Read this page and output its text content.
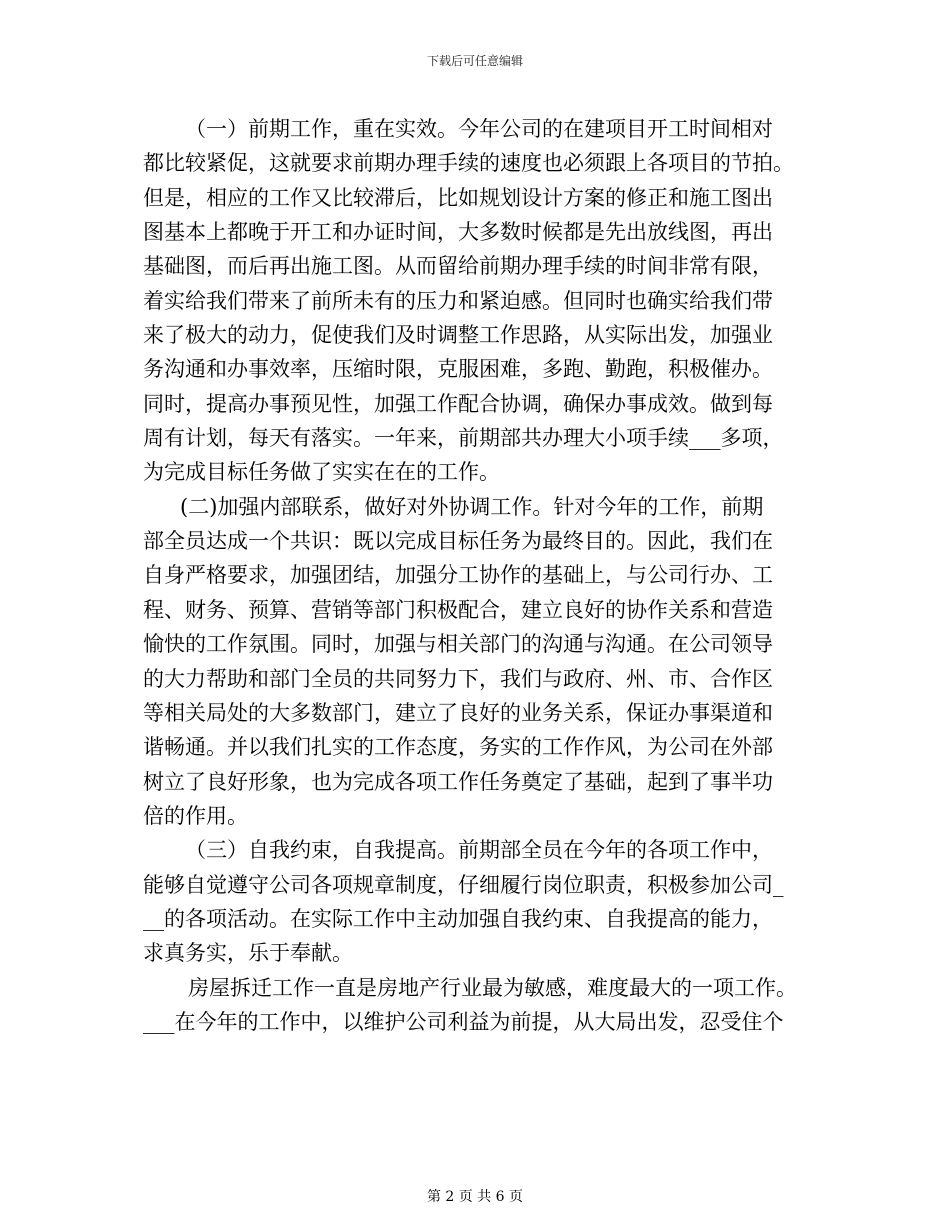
下载后可任意编辑
（一）前期工作，重在实效。今年公司的在建项目开工时间相对
都比较紧促，这就要求前期办理手续的速度也必须跟上各项目的节拍。
但是，相应的工作又比较滞后，比如规划设计方案的修正和施工图出
图基本上都晚于开工和办证时间，大多数时候都是先出放线图，再出
基础图，而后再出施工图。从而留给前期办理手续的时间非常有限，
着实给我们带来了前所未有的压力和紧迫感。但同时也确实给我们带
来了极大的动力，促使我们及时调整工作思路，从实际出发，加强业
务沟通和办事效率，压缩时限，克服困难，多跑、勤跑，积极催办。
同时，提高办事预见性，加强工作配合协调，确保办事成效。做到每
周有计划，每天有落实。一年来，前期部共办理大小项手续___多项，
为完成目标任务做了实实在在的工作。
(二)加强内部联系，做好对外协调工作。针对今年的工作，前期
部全员达成一个共识：既以完成目标任务为最终目的。因此，我们在
自身严格要求，加强团结，加强分工协作的基础上，与公司行办、工
程、财务、预算、营销等部门积极配合，建立良好的协作关系和营造
愉快的工作氛围。同时，加强与相关部门的沟通与沟通。在公司领导
的大力帮助和部门全员的共同努力下，我们与政府、州、市、合作区
等相关局处的大多数部门，建立了良好的业务关系，保证办事渠道和
谐畅通。并以我们扎实的工作态度，务实的工作作风，为公司在外部
树立了良好形象，也为完成各项工作任务奠定了基础，起到了事半功
倍的作用。
（三）自我约束，自我提高。前期部全员在今年的各项工作中，
能够自觉遵守公司各项规章制度，仔细履行岗位职责，积极参加公司_
__的各项活动。在实际工作中主动加强自我约束、自我提高的能力，
求真务实，乐于奉献。
房屋拆迁工作一直是房地产行业最为敏感，难度最大的一项工作。
___在今年的工作中，以维护公司利益为前提，从大局出发，忍受住个
第 2 页 共 6 页
